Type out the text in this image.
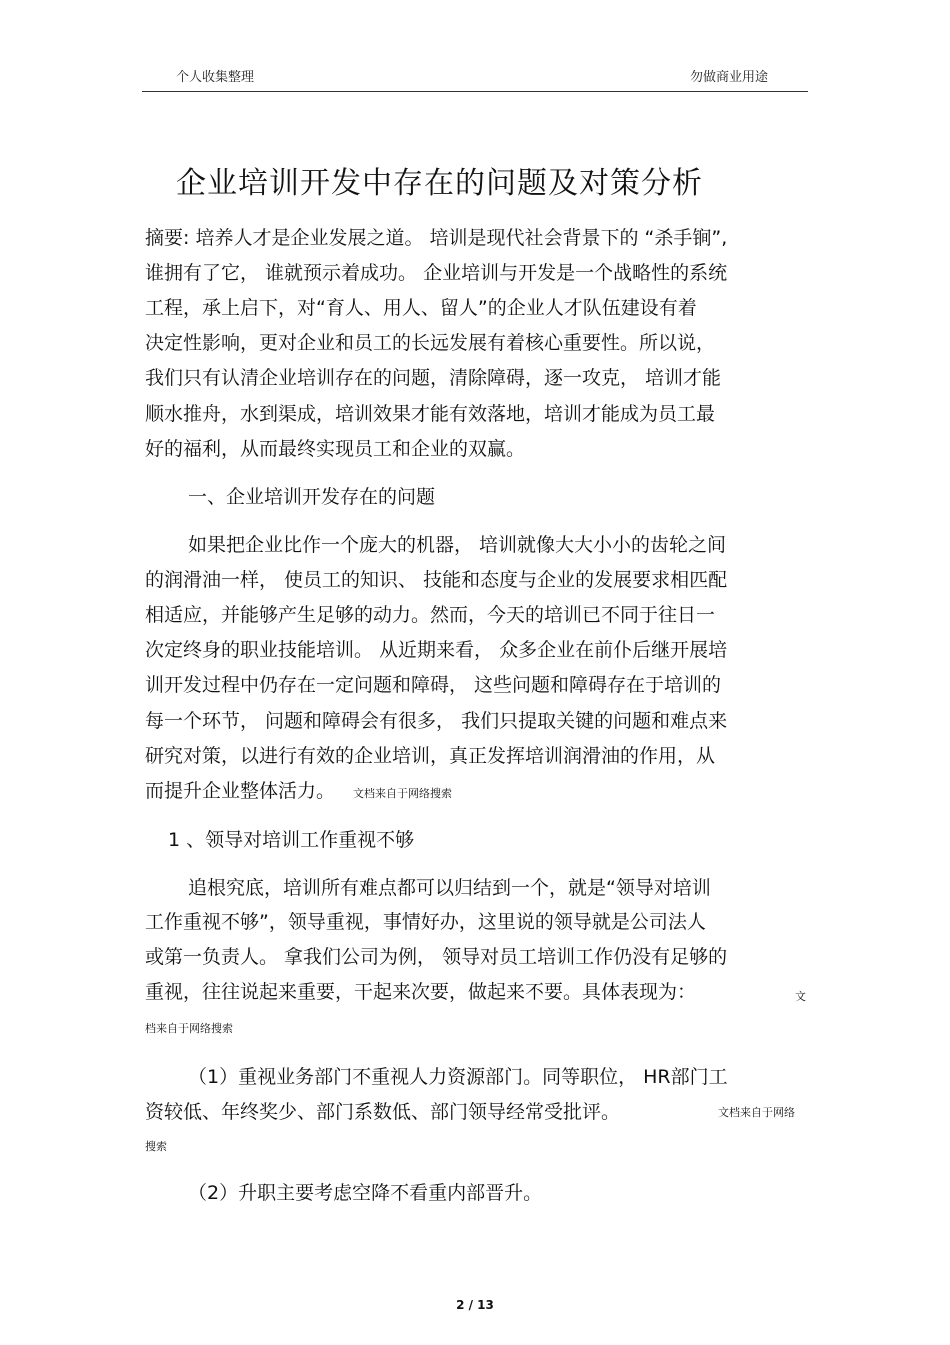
个人收集整理	勿做商业用途
企业培训开发中存在的问题及对策分析
摘要: 培养人才是企业发展之道。 培训是现代社会背景下的 “杀手锏”,
谁拥有了它， 谁就预示着成功。 企业培训与开发是一个战略性的系统
工程，承上启下，对“育人、用人、留人”的企业人才队伍建设有着
决定性影响，更对企业和员工的长远发展有着核心重要性。所以说，
我们只有认清企业培训存在的问题，清除障碍，逐一攻克， 培训才能
顺水推舟，水到渠成，培训效果才能有效落地，培训才能成为员工最
好的福利，从而最终实现员工和企业的双赢。
一、企业培训开发存在的问题
如果把企业比作一个庞大的机器， 培训就像大大小小的齿轮之间
的润滑油一样， 使员工的知识、 技能和态度与企业的发展要求相匹配
相适应，并能够产生足够的动力。然而，今天的培训已不同于往日一
次定终身的职业技能培训。 从近期来看， 众多企业在前仆后继开展培
训开发过程中仍存在一定问题和障碍， 这些问题和障碍存在于培训的
每一个环节， 问题和障碍会有很多， 我们只提取关键的问题和难点来
研究对策，以进行有效的企业培训，真正发挥培训润滑油的作用，从
而提升企业整体活力。 文档来自于网络搜索
1 、领导对培训工作重视不够
追根究底，培训所有难点都可以归结到一个，就是“领导对培训
工作重视不够”，领导重视，事情好办，这里说的领导就是公司法人
或第一负责人。 拿我们公司为例， 领导对员工培训工作仍没有足够的
重视，往往说起来重要，干起来次要，做起来不要。具体表现为：	文
档来自于网络搜索
（1）重视业务部门不重视人力资源部门。同等职位， HR部门工
资较低、年终奖少、部门系数低、部门领导经常受批评。	文档来自于网络
搜索
（2）升职主要考虑空降不看重内部晋升。
2 / 13
